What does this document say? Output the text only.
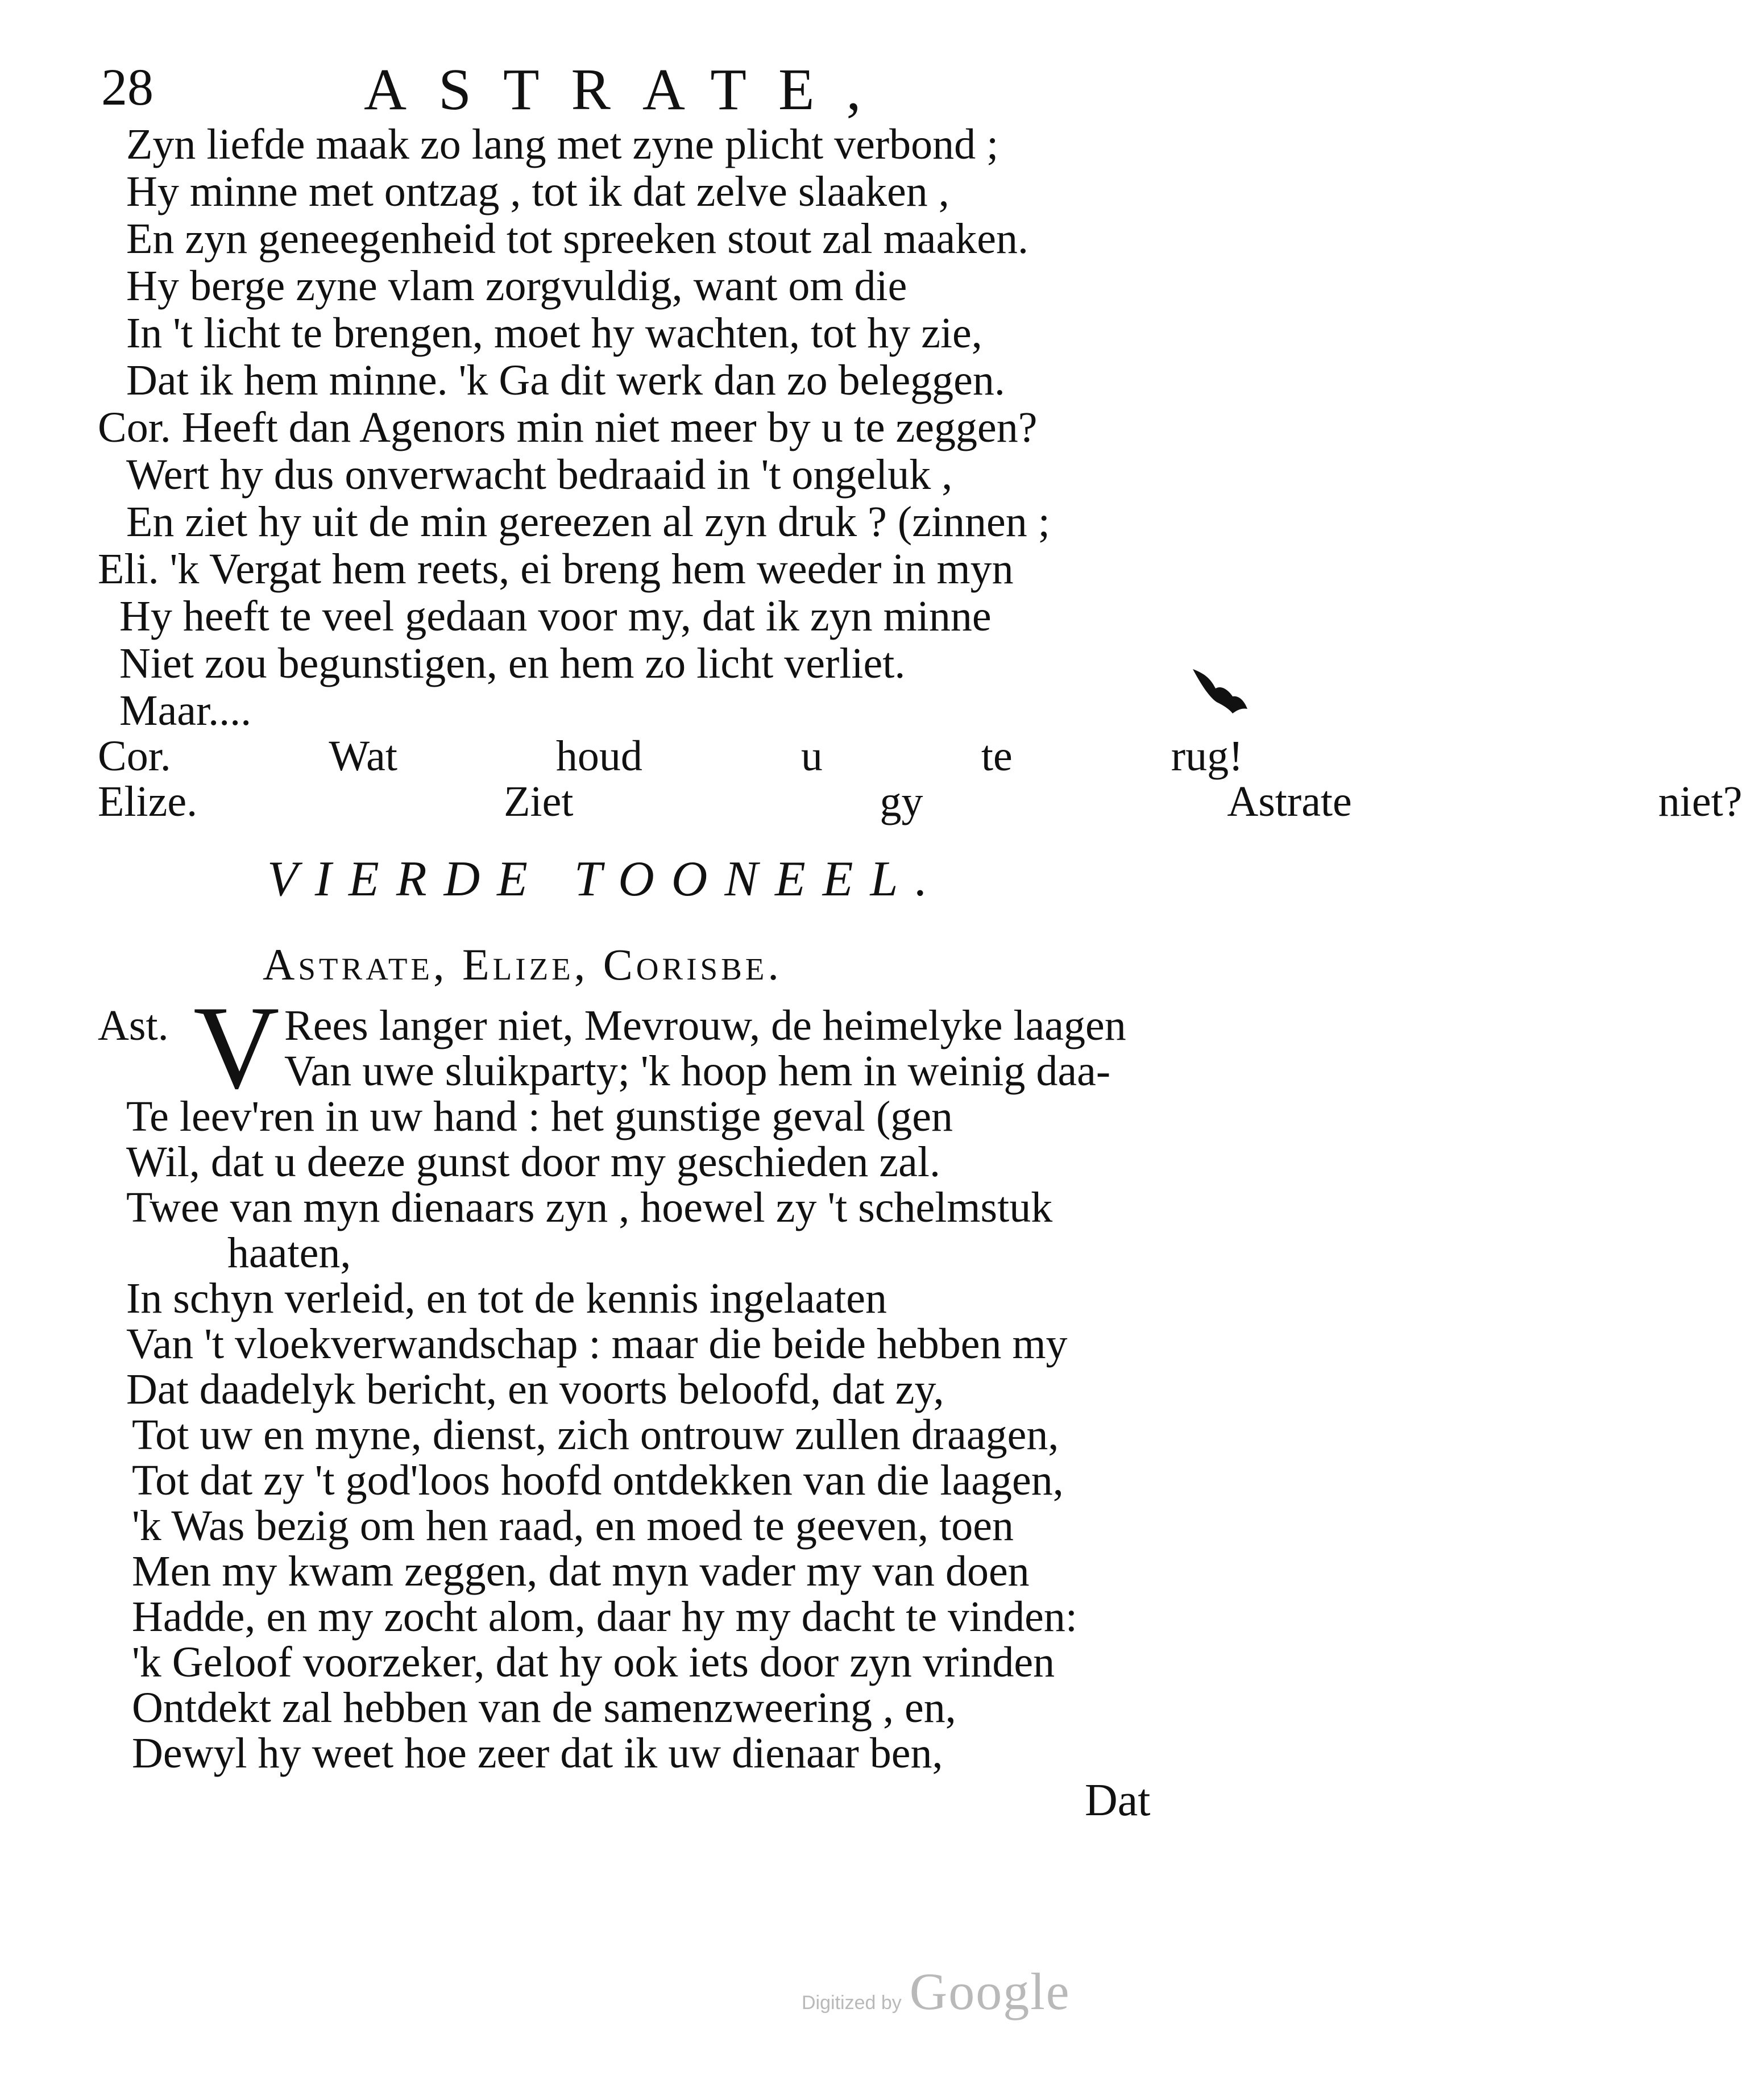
28	ASTRATE,
Zyn liefde maak zo lang met zyne plicht verbond ;
Hy minne met ontzag , tot ik dat zelve slaaken ,
En zyn geneegenheid tot spreeken stout zal maaken.
Hy berge zyne vlam zorgvuldig, want om die
In 't licht te brengen, moet hy wachten, tot hy zie,
Dat ik hem minne. 'k Ga dit werk dan zo beleggen.
Cor. Heeft dan Agenors min niet meer by u te zeggen?
Wert hy dus onverwacht bedraaid in 't ongeluk ,
En ziet hy uit de min gereezen al zyn druk ? (zinnen ;
Eli. 'k Vergat hem reets, ei breng hem weeder in myn
Hy heeft te veel gedaan voor my, dat ik zyn minne
Niet zou begunstigen, en hem zo licht verliet.
Maar....
Cor. Wat houd u te rug!
Elize. Ziet gy Astrate niet?
VIERDE TOONEEL.
Astrate, Elize, Corisbe.
Ast. V Rees langer niet, Mevrouw, de heimelyke laagen
Van uwe sluikparty; 'k hoop hem in weinig daa-
Te leev'ren in uw hand : het gunstige geval (gen
Wil, dat u deeze gunst door my geschieden zal.
Twee van myn dienaars zyn , hoewel zy 't schelmstuk
haaten,
In schyn verleid, en tot de kennis ingelaaten
Van 't vloekverwandschap : maar die beide hebben my
Dat daadelyk bericht, en voorts beloofd, dat zy,
Tot uw en myne, dienst, zich ontrouw zullen draagen,
Tot dat zy 't god'loos hoofd ontdekken van die laagen,
'k Was bezig om hen raad, en moed te geeven, toen
Men my kwam zeggen, dat myn vader my van doen
Hadde, en my zocht alom, daar hy my dacht te vinden:
'k Geloof voorzeker, dat hy ook iets door zyn vrinden
Ontdekt zal hebben van de samenzweering , en,
Dewyl hy weet hoe zeer dat ik uw dienaar ben,
Dat
Digitized by Google
